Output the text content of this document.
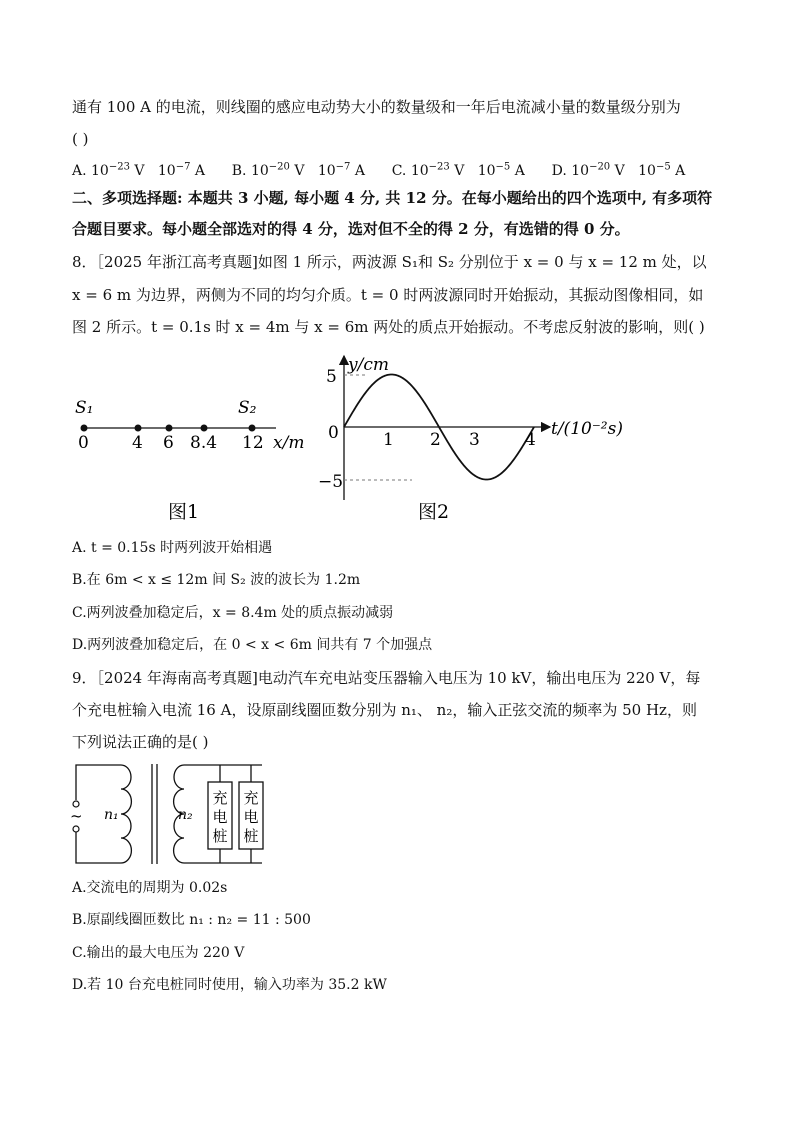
通有 100 A 的电流，则线圈的感应电动势大小的数量级和一年后电流减小量的数量级分别为
( )
A. $10^{-23}$ V $10^{-7}$ A B. $10^{-20}$ V $10^{-7}$ A C. $10^{-23}$ V $10^{-5}$ A D. $10^{-20}$ V $10^{-5}$ A
二、多项选择题: 本题共 3 小题, 每小题 4 分, 共 12 分。在每小题给出的四个选项中, 有多项符
合题目要求。每小题全部选对的得 4 分，选对但不全的得 2 分，有选错的得 0 分。
8．［2025 年浙江高考真题]如图 1 所示，两波源 S₁和 S₂ 分别位于 x = 0 与 x = 12 m 处，以
x = 6 m 为边界，两侧为不同的均匀介质。t = 0 时两波源同时开始振动，其振动图像相同，如
图 2 所示。t = 0.1s 时 x = 4m 与 x = 6m 两处的质点开始振动。不考虑反射波的影响，则( )
S₁	S₂
0	4 6 8.4 12 x/m
图1
y/cm
t/(10⁻²s)
5
0
−5
1 2 3	4
图2
A. t = 0.15s 时两列波开始相遇
B.在 6m < x ≤ 12m 间 S₂ 波的波长为 1.2m
C.两列波叠加稳定后，x = 8.4m 处的质点振动减弱
D.两列波叠加稳定后，在 0 < x < 6m 间共有 7 个加强点
9．［2024 年海南高考真题]电动汽车充电站变压器输入电压为 10 kV，输出电压为 220 V，每
个充电桩输入电流 16 A，设原副线圈匝数分别为 n₁、 n₂，输入正弦交流的频率为 50 Hz，则
下列说法正确的是( )
~ n₁	n₂
充电桩
充电桩
A.交流电的周期为 0.02s
B.原副线圈匝数比 n₁ : n₂ = 11 : 500
C.输出的最大电压为 220 V
D.若 10 台充电桩同时使用，输入功率为 35.2 kW
